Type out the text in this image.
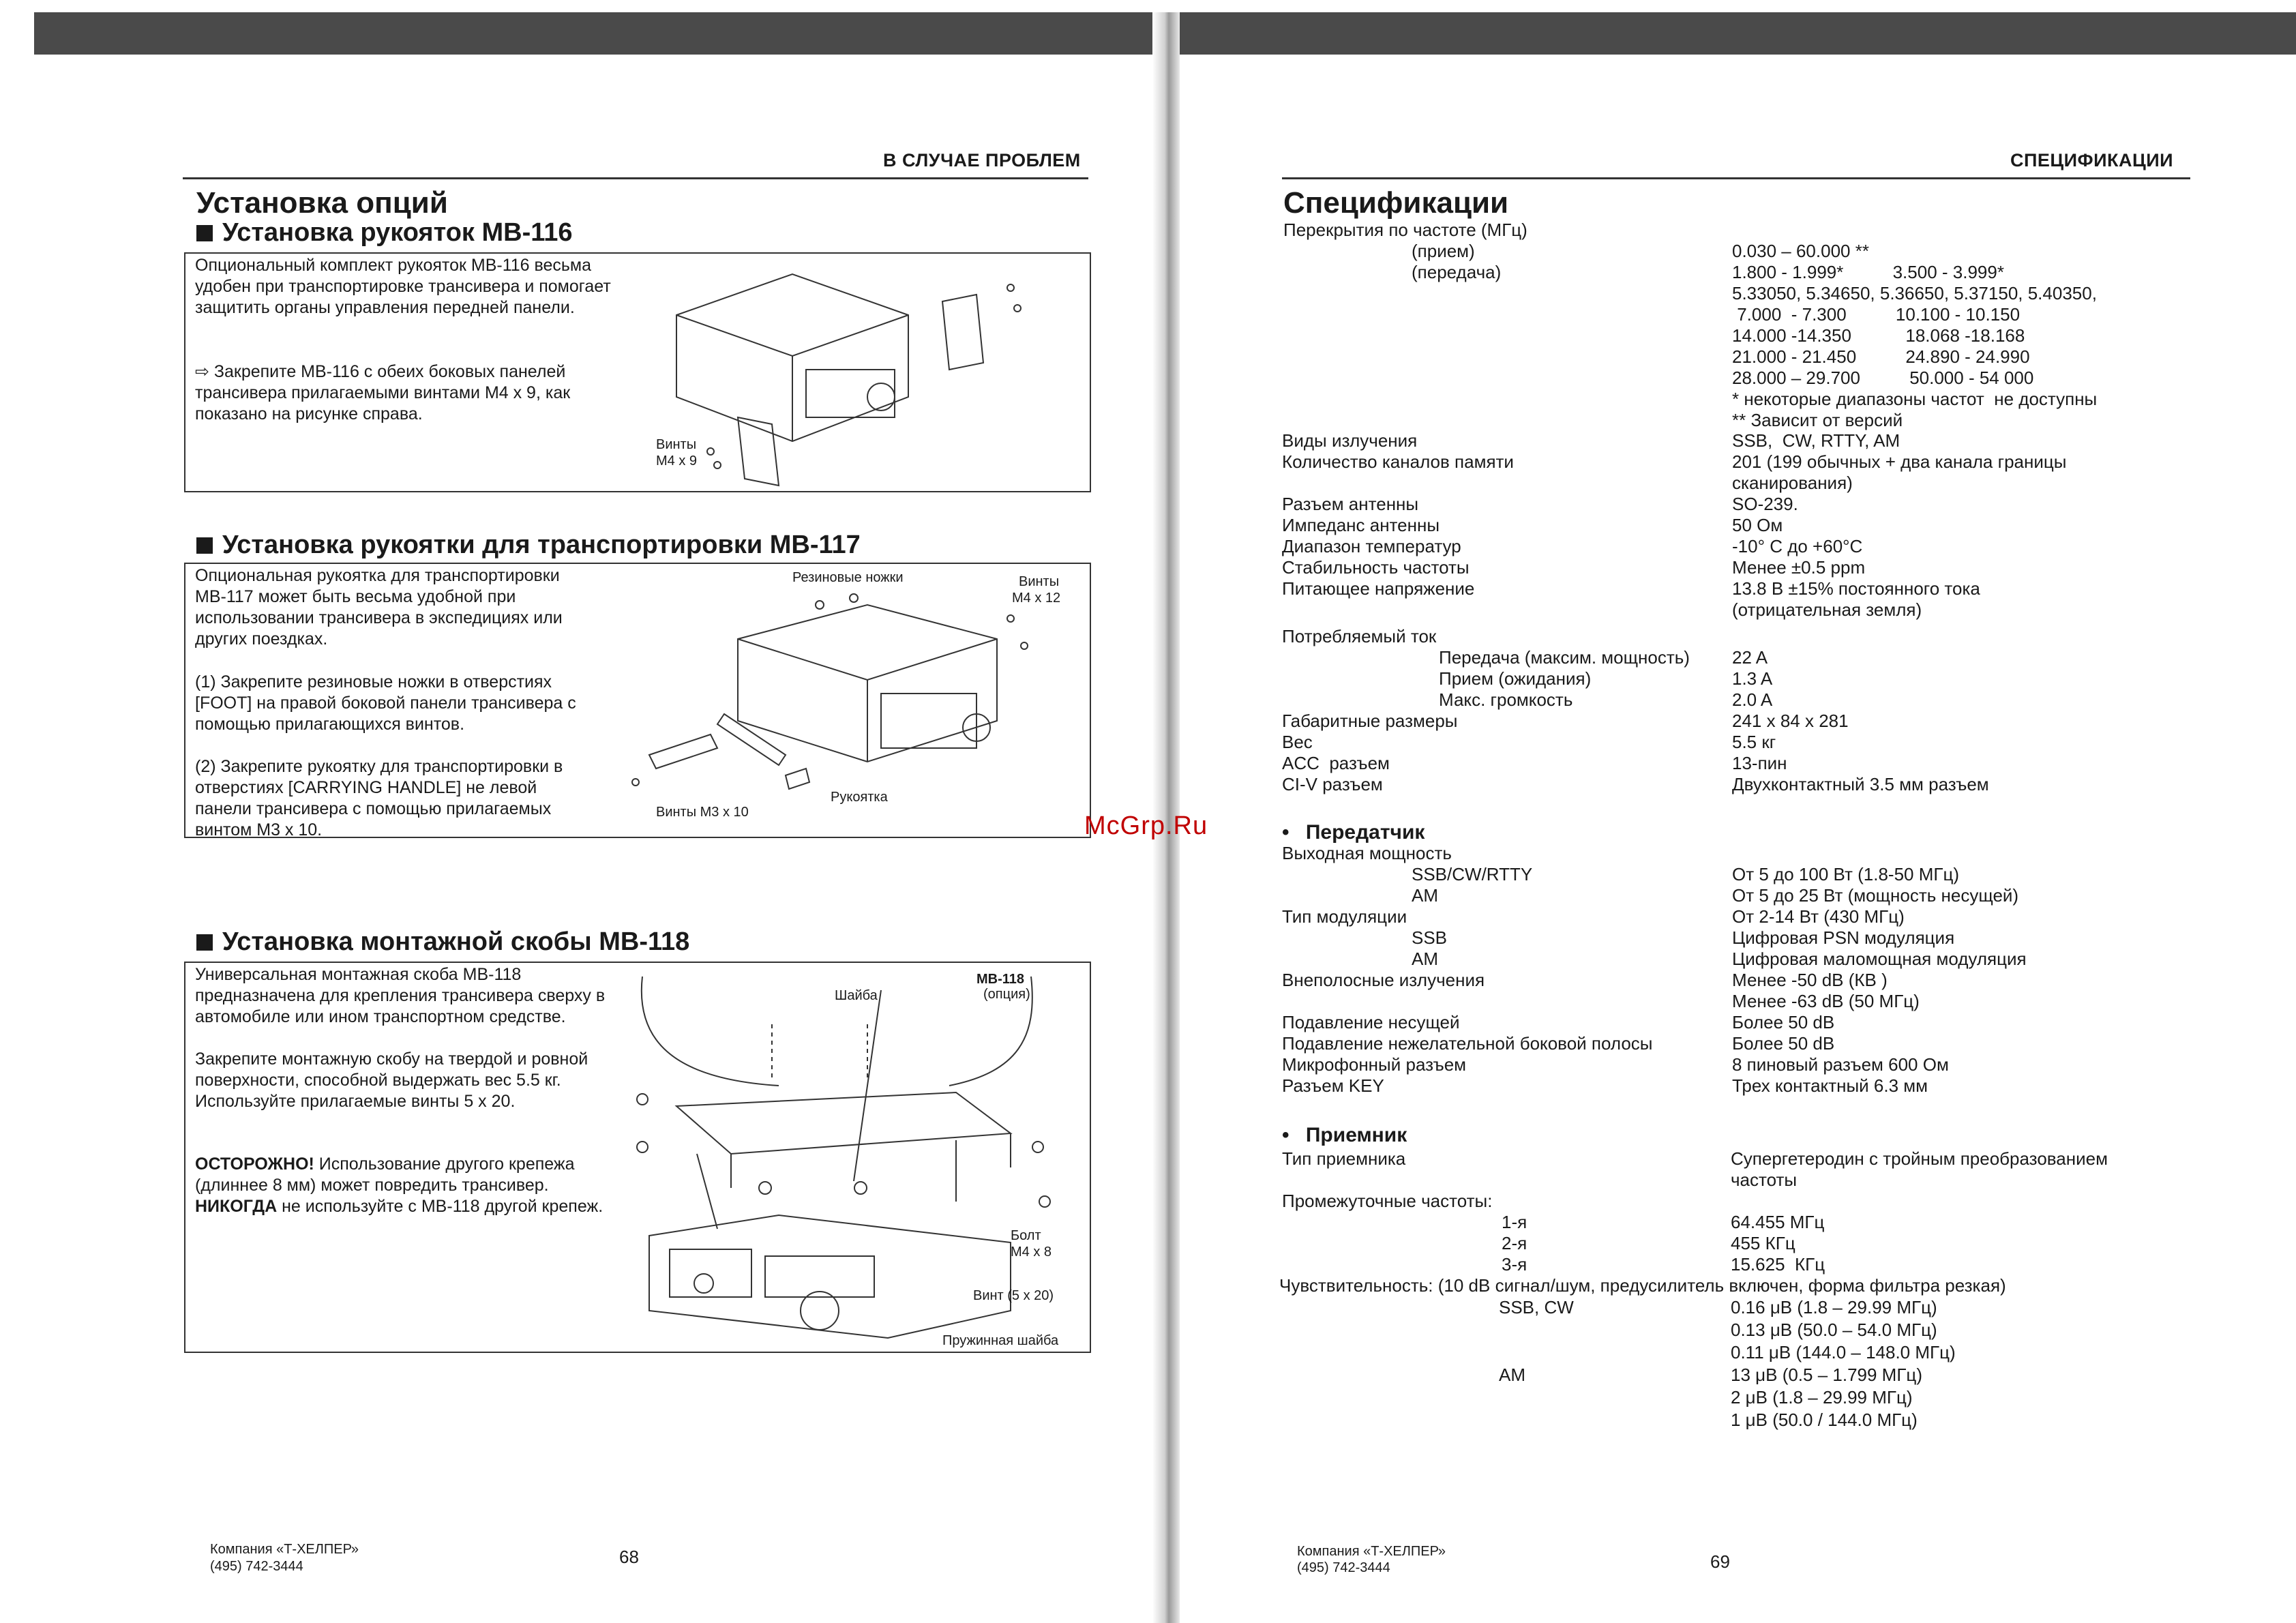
В СЛУЧАЕ ПРОБЛЕМ
Установка опций
Установка рукояток MB-116
Опциональный комплект рукояток MB-116 весьма удобен при транспортировке трансивера и помогает защитить органы управления передней панели.
⇨ Закрепите MB-116 с обеих боковых панелей трансивера прилагаемыми винтами M4 x 9, как показано на рисунке справа.
Винты
M4 x 9
Установка рукоятки для транспортировки MB-117
Опциональная рукоятка для транспортировки MB-117 может быть весьма удобной при использовании трансивера в экспедициях или других поездках.
(1) Закрепите резиновые ножки в отверстиях [FOOT] на правой боковой панели трансивера с помощью прилагающихся винтов.
(2) Закрепите рукоятку для транспортировки в отверстиях [CARRYING HANDLE] не левой панели трансивера с помощью прилагаемых винтом M3 x 10.
Резиновые ножки	Винты
M4 x 12
Винты M3 x 10
Рукоятка
Установка монтажной скобы MB-118
Универсальная монтажная скоба MB-118 предназначена для крепления трансивера сверху в автомобиле или ином транспортном средстве.
Закрепите монтажную скобу на твердой и ровной поверхности, способной выдержать вес 5.5 кг. Используйте прилагаемые винты 5 x 20.
ОСТОРОЖНО! Использование другого крепежа (длиннее 8 мм) может повредить трансивер. НИКОГДА не используйте с MB-118 другой крепеж.
MB-118
(опция)
Шайба
Болт
M4 x 8
Винт (5 x 20)
Пружинная шайба
Компания «Т-ХЕЛПЕР»
(495) 742-3444	68
McGrp.Ru
СПЕЦИФИКАЦИИ
Спецификации
Перекрытия по частоте (МГц)
(прием)	0.030 – 60.000 **
(передача)	1.800 - 1.999*          3.500 - 3.999*
5.33050, 5.34650, 5.36650, 5.37150, 5.40350,
7.000  - 7.300          10.100 - 10.150
14.000 -14.350           18.068 -18.168
21.000 - 21.450          24.890 - 24.990
28.000 – 29.700          50.000 - 54 000
* некоторые диапазоны частот  не доступны
** Зависит от версий
Виды излучения	SSB,  CW, RTTY, AM
Количество каналов памяти	201 (199 обычных + два канала границы
сканирования)
Разъем антенны	SO-239.
Импеданс антенны	50 Ом
Диапазон температур	-10° C до +60°C
Стабильность частоты	Менее ±0.5 ppm
Питающее напряжение	13.8 В ±15% постоянного тока
(отрицательная земля)
Потребляемый ток
Передача (максим. мощность) 22 A
Прием (ожидания)	1.3 A
Макс. громкость	2.0 A
Габаритные размеры	241 x 84 x 281
Вес	5.5 кг
ACC  разъем	13-пин
CI-V разъем	Двухконтактный 3.5 мм разъем
• Передатчик
Выходная мощность
SSB/CW/RTTY	От 5 до 100 Вт (1.8-50 МГц)
AM	От 5 до 25 Вт (мощность несущей)
Тип модуляции	От 2-14 Вт (430 МГц)
SSB	Цифровая PSN модуляция
AM	Цифровая маломощная модуляция
Внеполосные излучения	Менее -50 dB (КВ )
Менее -63 dB (50 МГц)
Подавление несущей	Более 50 dB
Подавление нежелательной боковой полосы	Более 50 dB
Микрофонный разъем	8 пиновый разъем 600 Ом
Разъем KEY	Трех контактный 6.3 мм
• Приемник
Тип приемника	Супергетеродин с тройным преобразованием
частоты
Промежуточные частоты:
1-я	64.455 МГц
2-я	455 КГц
3-я	15.625  КГц
Чувствительность: (10 dB сигнал/шум, предусилитель включен, форма фильтра резкая)
SSB, CW	0.16 μB (1.8 – 29.99 МГц)
0.13 μB (50.0 – 54.0 МГц)
0.11 μB (144.0 – 148.0 МГц)
AM	13 μB (0.5 – 1.799 МГц)
2 μB (1.8 – 29.99 МГц)
1 μB (50.0 / 144.0 МГц)
Компания «Т-ХЕЛПЕР»
(495) 742-3444	69
